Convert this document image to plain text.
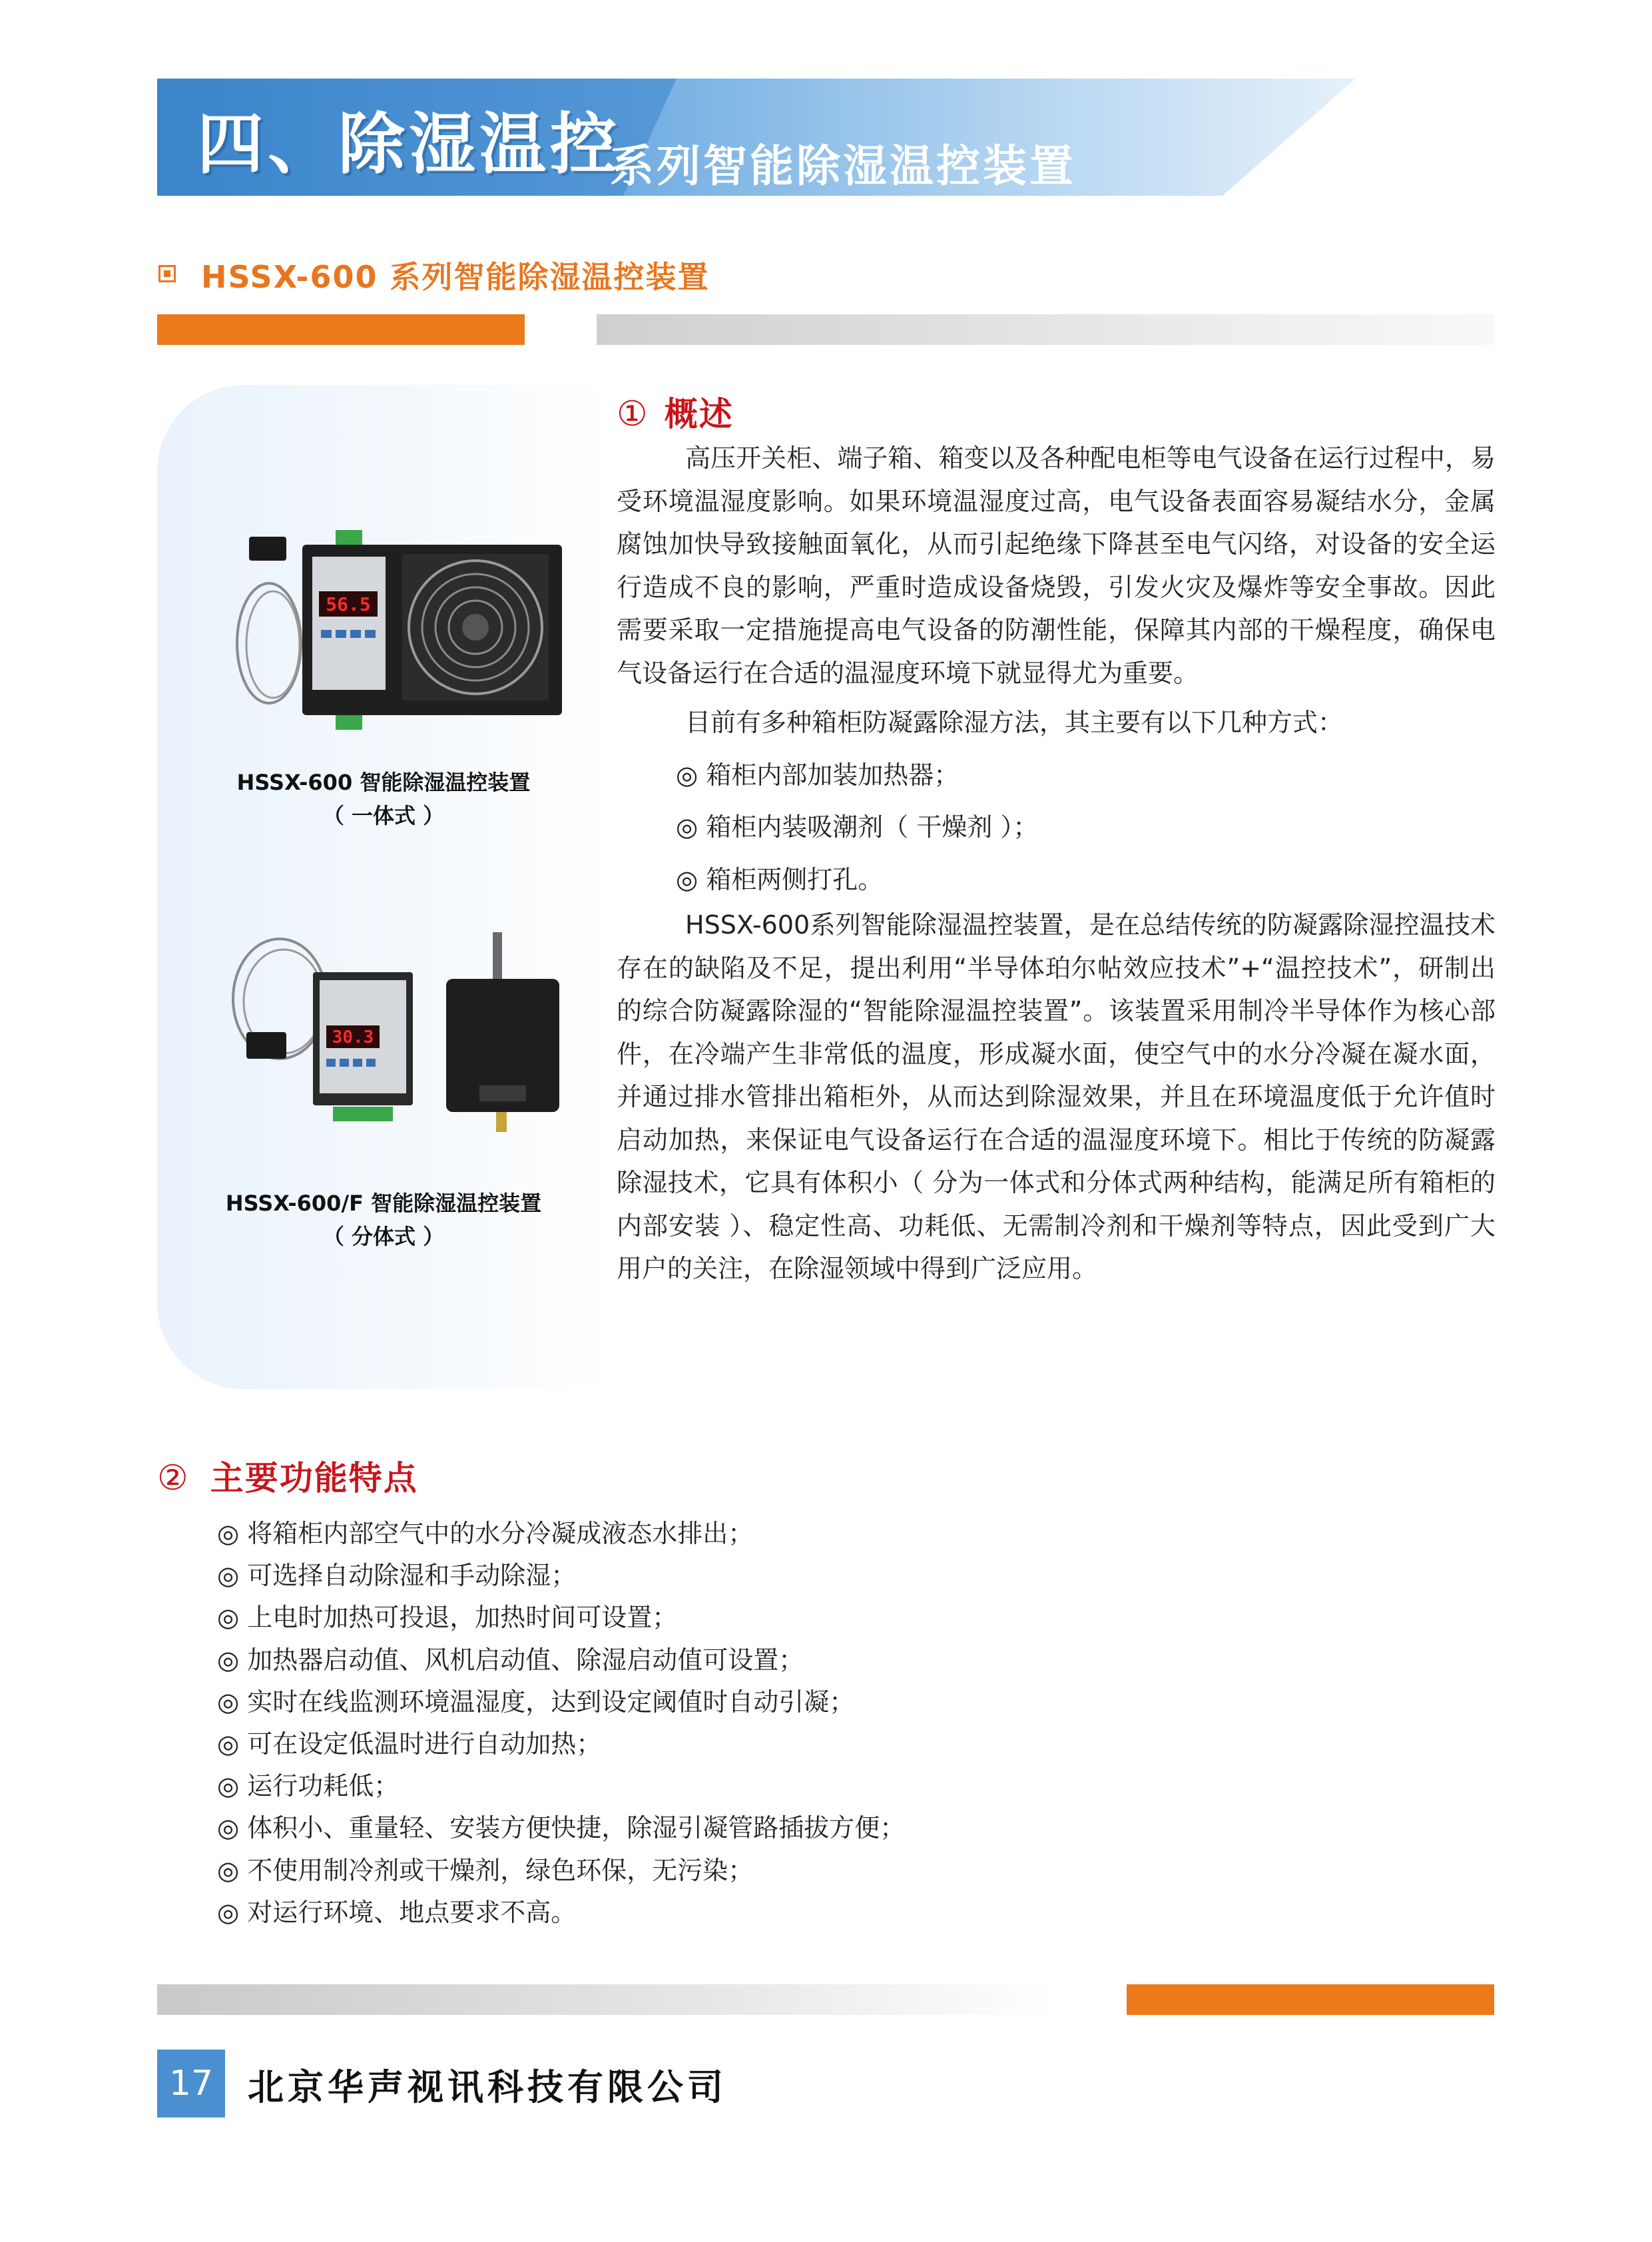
四、除湿温控
系列智能除湿温控装置
HSSX-600 系列智能除湿温控装置
56.5
HSSX-600 智能除湿温控装置
（ 一体式 ）
30.3
HSSX-600/F 智能除湿温控装置
（ 分体式 ）
① 概述

高压开关柜、端子箱、箱变以及各种配电柜等电气设备在运行过程中，易受环境温湿度影响。如果环境温湿度过高，电气设备表面容易凝结水分，金属腐蚀加快导致接触面氧化，从而引起绝缘下降甚至电气闪络，对设备的安全运行造成不良的影响，严重时造成设备烧毁，引发火灾及爆炸等安全事故。因此需要采取一定措施提高电气设备的防潮性能，保障其内部的干燥程度，确保电气设备运行在合适的温湿度环境下就显得尤为重要。

目前有多种箱柜防凝露除湿方法，其主要有以下几种方式：

◎ 箱柜内部加装加热器；

◎ 箱柜内装吸潮剂（ 干燥剂 ）；

◎ 箱柜两侧打孔。

HSSX-600系列智能除湿温控装置，是在总结传统的防凝露除湿控温技术存在的缺陷及不足，提出利用“半导体珀尔帖效应技术”+“温控技术”，研制出的综合防凝露除湿的“智能除湿温控装置”。该装置采用制冷半导体作为核心部件，在冷端产生非常低的温度，形成凝水面，使空气中的水分冷凝在凝水面，并通过排水管排出箱柜外，从而达到除湿效果，并且在环境温度低于允许值时启动加热，来保证电气设备运行在合适的温湿度环境下。相比于传统的防凝露除湿技术，它具有体积小（ 分为一体式和分体式两种结构，能满足所有箱柜的内部安装 ）、稳定性高、功耗低、无需制冷剂和干燥剂等特点，因此受到广大用户的关注，在除湿领域中得到广泛应用。

② 主要功能特点
◎ 将箱柜内部空气中的水分冷凝成液态水排出；
◎ 可选择自动除湿和手动除湿；
◎ 上电时加热可投退，加热时间可设置；
◎ 加热器启动值、风机启动值、除湿启动值可设置；
◎ 实时在线监测环境温湿度，达到设定阈值时自动引凝；
◎ 可在设定低温时进行自动加热；
◎ 运行功耗低；
◎ 体积小、重量轻、安装方便快捷，除湿引凝管路插拔方便；
◎ 不使用制冷剂或干燥剂，绿色环保，无污染；
◎ 对运行环境、地点要求不高。
17 北京华声视讯科技有限公司
